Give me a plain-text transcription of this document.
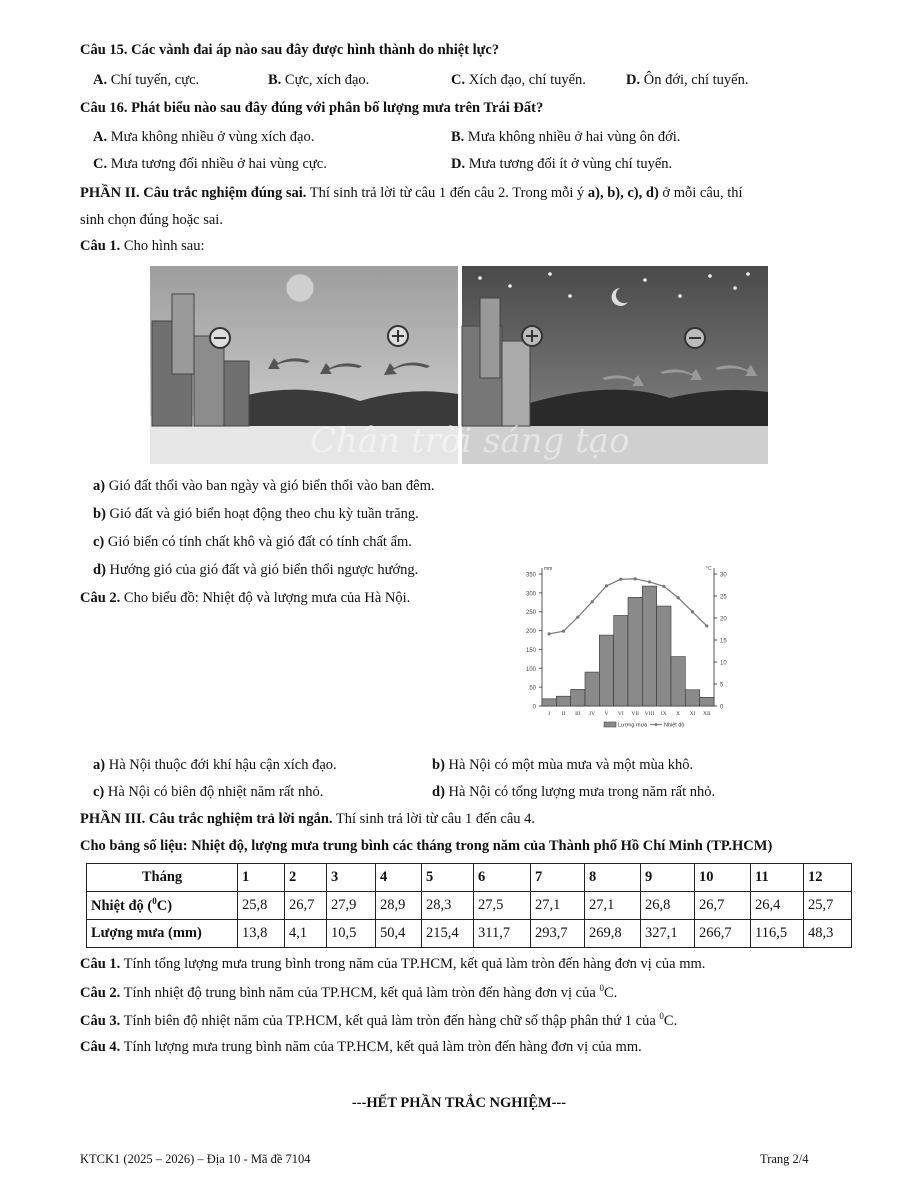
Câu 15. Các vành đai áp nào sau đây được hình thành do nhiệt lực?
A. Chí tuyến, cực.	B. Cực, xích đạo.	C. Xích đạo, chí tuyến.	D. Ôn đới, chí tuyến.
Câu 16. Phát biểu nào sau đây đúng với phân bố lượng mưa trên Trái Đất?
A. Mưa không nhiều ở vùng xích đạo.	B. Mưa không nhiều ở hai vùng ôn đới.
C. Mưa tương đối nhiều ở hai vùng cực.	D. Mưa tương đối ít ở vùng chí tuyến.
PHẦN II. Câu trắc nghiệm đúng sai. Thí sinh trả lời từ câu 1 đến câu 2. Trong mỗi ý a), b), c), d) ở mỗi câu, thí
sinh chọn đúng hoặc sai.
Câu 1. Cho hình sau:
Chân trời sáng tạo
a) Gió đất thổi vào ban ngày và gió biển thổi vào ban đêm.
b) Gió đất và gió biển hoạt động theo chu kỳ tuần trăng.
c) Gió biển có tính chất khô và gió đất có tính chất ẩm.
d) Hướng gió của gió đất và gió biển thổi ngược hướng.
Câu 2. Cho biểu đồ: Nhiệt độ và lượng mưa của Hà Nội.
0
50
100
150
200
250
300
350
0
5
10
15
20
25
30
mm	°C
I II III IV V VI VII VIII IX X XI XII
Lượng mưa	Nhiệt độ
a) Hà Nội thuộc đới khí hậu cận xích đạo.	b) Hà Nội có một mùa mưa và một mùa khô.
c) Hà Nội có biên độ nhiệt năm rất nhỏ.	d) Hà Nội có tổng lượng mưa trong năm rất nhỏ.
PHẦN III. Câu trắc nghiệm trả lời ngắn. Thí sinh trả lời từ câu 1 đến câu 4.
Cho bảng số liệu: Nhiệt độ, lượng mưa trung bình các tháng trong năm của Thành phố Hồ Chí Minh (TP.HCM)
Tháng	1	2	3	4	5	6	7	8	9	10	11	12
Nhiệt độ ($^0$C)	25,8	26,7	27,9	28,9	28,3	27,5	27,1	27,1	26,8	26,7	26,4	25,7
Lượng mưa (mm)	13,8	4,1	10,5	50,4	215,4	311,7	293,7	269,8	327,1	266,7	116,5	48,3
Câu 1. Tính tổng lượng mưa trung bình trong năm của TP.HCM, kết quả làm tròn đến hàng đơn vị của mm.
Câu 2. Tính nhiệt độ trung bình năm của TP.HCM, kết quả làm tròn đến hàng đơn vị của $^0$C.
Câu 3. Tính biên độ nhiệt năm của TP.HCM, kết quả làm tròn đến hàng chữ số thập phân thứ 1 của $^0$C.
Câu 4. Tính lượng mưa trung bình năm của TP.HCM, kết quả làm tròn đến hàng đơn vị của mm.
---HẾT PHẦN TRẮC NGHIỆM---
KTCK1 (2025 – 2026) – Địa 10 - Mã đề 7104	Trang 2/4
